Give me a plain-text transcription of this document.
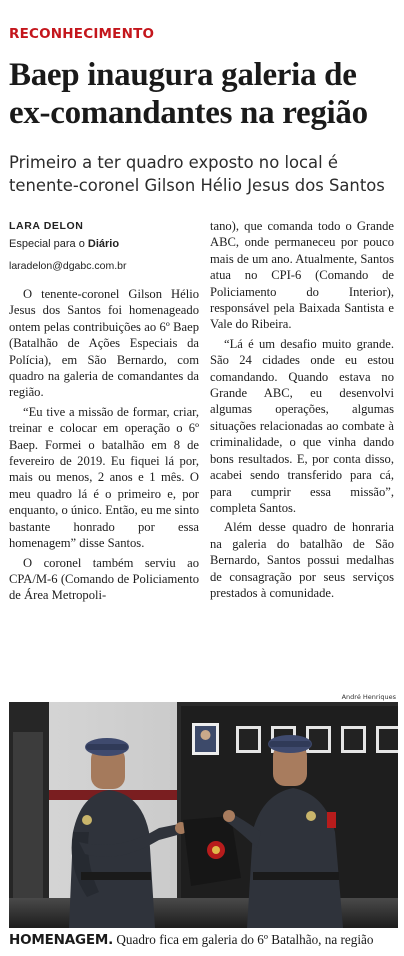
RECONHECIMENTO
Baep inaugura galeria de ex-comandantes na região
Primeiro a ter quadro exposto no local é tenente-coronel Gilson Hélio Jesus dos Santos
LARA DELON
Especial para o Diário
laradelon@dgabc.com.br

O tenente-coronel Gilson Hélio Jesus dos Santos foi homenageado ontem pelas contribuições ao 6º Baep (Batalhão de Ações Especiais da Polícia), em São Bernardo, com quadro na galeria de comandantes da região.

“Eu tive a missão de formar, criar, treinar e colocar em operação o 6º Baep. Formei o batalhão em 8 de fevereiro de 2019. Eu fiquei lá por, mais ou menos, 2 anos e 1 mês. O meu quadro lá é o primeiro e, por enquanto, o único. Então, eu me sinto bastante honrado por essa homenagem” disse Santos.

O coronel também serviu ao CPA/M-6 (Comando de Policiamento de Área Metropoli-

tano), que comanda todo o Grande ABC, onde permaneceu por pouco mais de um ano. Atualmente, Santos atua no CPI-6 (Comando de Policiamento do Interior), responsável pela Baixada Santista e Vale do Ribeira.

“Lá é um desafio muito grande. São 24 cidades onde eu estou comandando. Quando estava no Grande ABC, eu desenvolvi algumas operações, algumas situações relacionadas ao combate à criminalidade, o que vinha dando bons resultados. E, por conta disso, acabei sendo transferido para cá, para cumprir essa missão”, completa Santos.

Além desse quadro de honraria na galeria do batalhão de São Bernardo, Santos possui medalhas de consagração por seus serviços prestados à comunidade.

André Henriques
HOMENAGEM. Quadro fica em galeria do 6º Batalhão, na região
